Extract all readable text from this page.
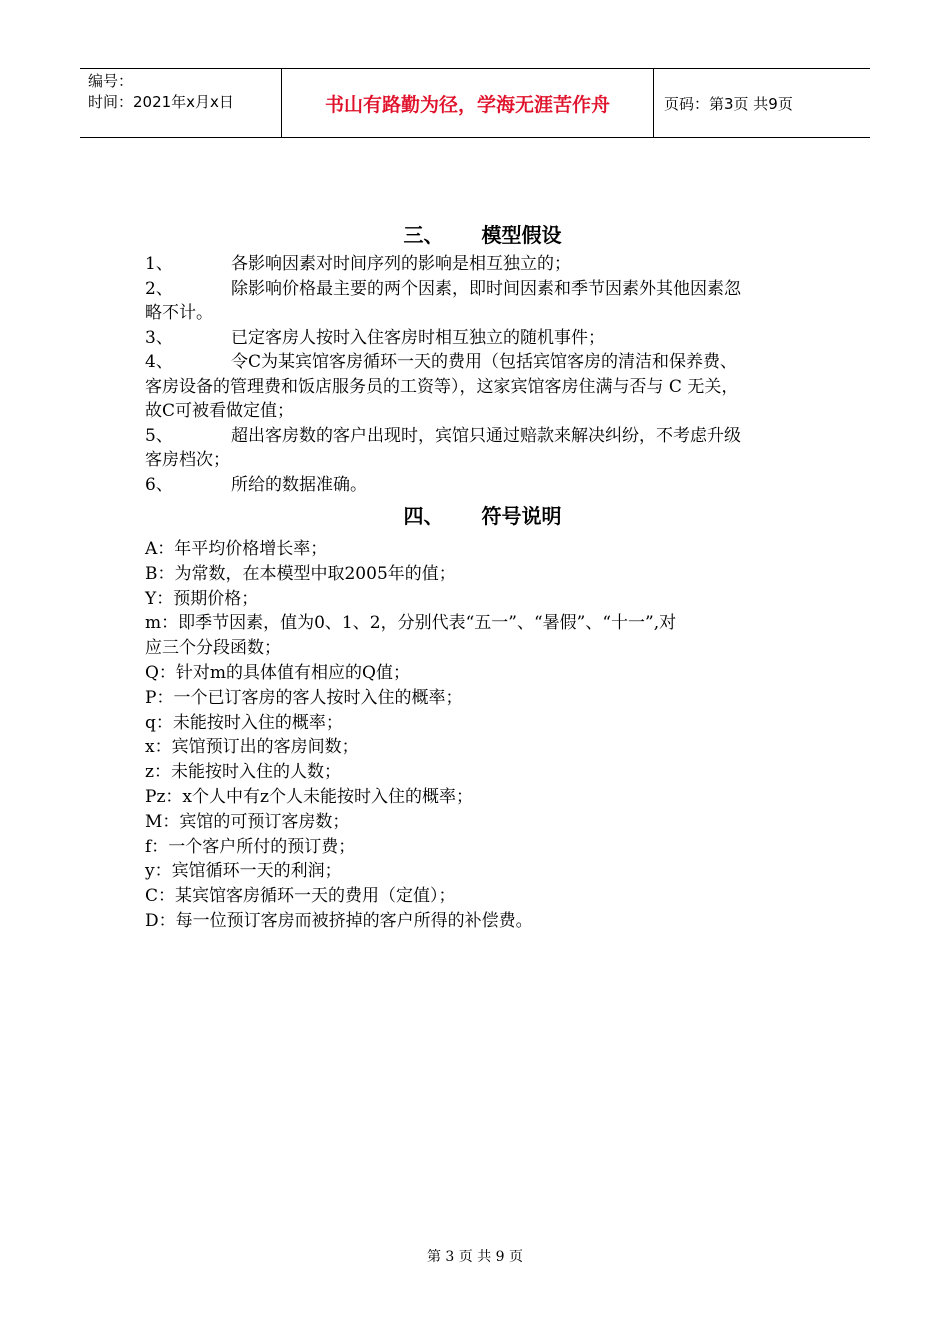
编号：
时间：2021年x月x日	书山有路勤为径，学海无涯苦作舟	页码：第3页 共9页
三、 模型假设

1、	各影响因素对时间序列的影响是相互独立的；

2、	除影响价格最主要的两个因素，即时间因素和季节因素外其他因素忽

略不计。

3、	已定客房人按时入住客房时相互独立的随机事件；

4、	令C为某宾馆客房循环一天的费用（包括宾馆客房的清洁和保养费、

客房设备的管理费和饭店服务员的工资等），这家宾馆客房住满与否与 C 无关，

故C可被看做定值；

5、	超出客房数的客户出现时，宾馆只通过赔款来解决纠纷，不考虑升级

客房档次；

6、	所给的数据准确。

四、 符号说明

A：年平均价格增长率；

B：为常数，在本模型中取2005年的值；

Y：预期价格；

m：即季节因素，值为0、1、2，分别代表“五一”、“暑假”、“十一”,对

应三个分段函数；

Q：针对m的具体值有相应的Q值；

P：一个已订客房的客人按时入住的概率；

q：未能按时入住的概率；

x：宾馆预订出的客房间数；

z：未能按时入住的人数；

Pz：x个人中有z个人未能按时入住的概率；

M：宾馆的可预订客房数；

f：一个客户所付的预订费；

y：宾馆循环一天的利润；

C：某宾馆客房循环一天的费用（定值）；

D：每一位预订客房而被挤掉的客户所得的补偿费。

第 3 页 共 9 页
